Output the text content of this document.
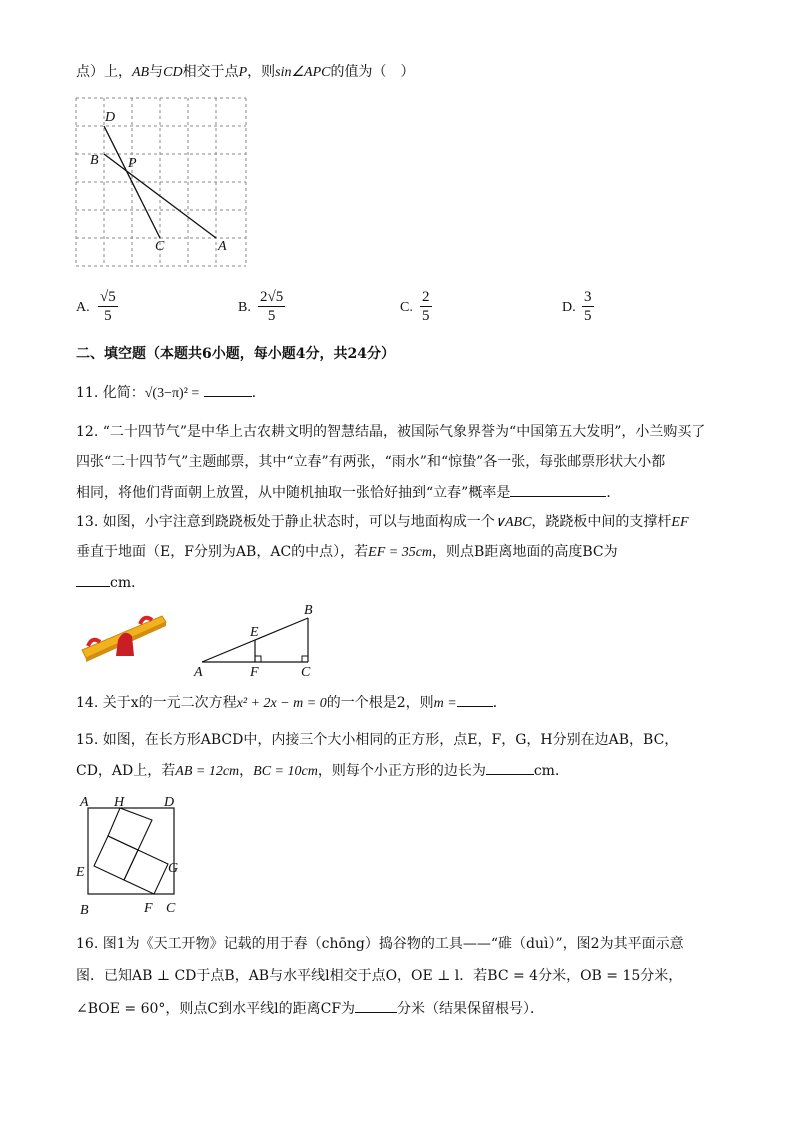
点）上，AB与CD相交于点P，则sin∠APC的值为（　）
D
B P
C	A
A. $\frac{√5}{5}$	B. $\frac{2√5}{5}$	C. $\frac{2}{5}$	D. $\frac{3}{5}$
二、填空题（本题共6小题，每小题4分，共24分）
11. 化简：√(3−π)² =	．
12. “二十四节气”是中华上古农耕文明的智慧结晶，被国际气象界誉为“中国第五大发明”，小兰购买了
四张“二十四节气”主题邮票，其中“立春”有两张，“雨水”和“惊蛰”各一张，每张邮票形状大小都
相同，将他们背面朝上放置，从中随机抽取一张恰好抽到“立春”概率是	．
13. 如图，小宇注意到跷跷板处于静止状态时，可以与地面构成一个∨ABC，跷跷板中间的支撑杆EF
垂直于地面（E，F分别为AB，AC的中点），若EF = 35cm，则点B距离地面的高度BC为
cm．
B
E
A	F	C
14. 关于x的一元二次方程x² + 2x − m = 0的一个根是2，则m =	．
15. 如图，在长方形ABCD中，内接三个大小相同的正方形，点E，F，G，H分别在边AB，BC，
CD，AD上，若AB = 12cm，BC = 10cm，则每个小正方形的边长为	cm．
A H	D
E	G
B	F C
16. 图1为《天工开物》记载的用于舂（chōng）捣谷物的工具——“碓（duì）”，图2为其平面示意
图．已知AB ⊥ CD于点B，AB与水平线l相交于点O，OE ⊥ l．若BC = 4分米，OB = 15分米，
∠BOE = 60°，则点C到水平线l的距离CF为	分米（结果保留根号）．
